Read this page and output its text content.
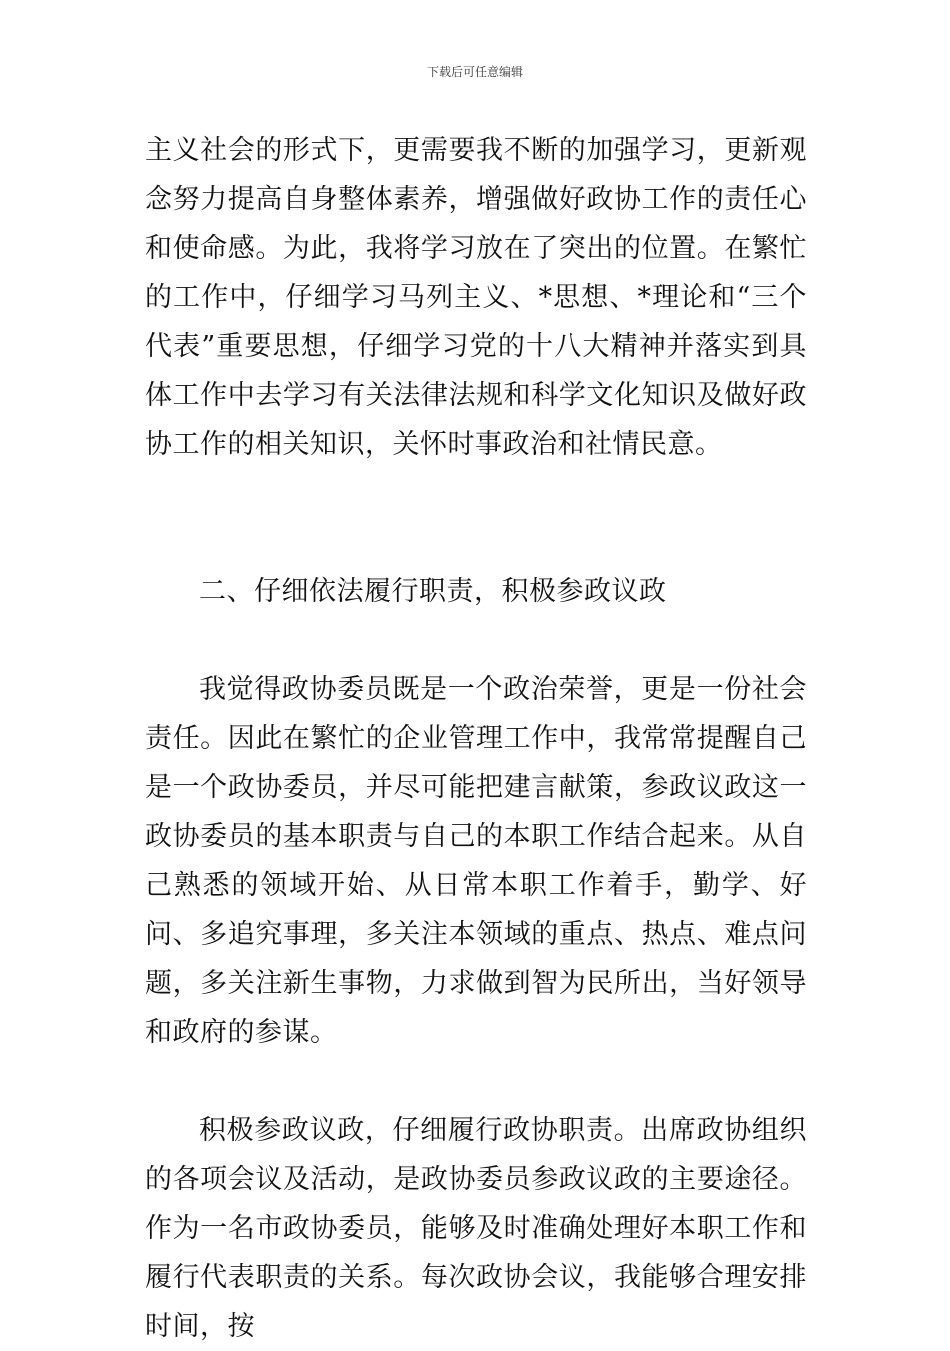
下载后可任意编辑

主义社会的形式下，更需要我不断的加强学习，更新观念努力提高自身整体素养，增强做好政协工作的责任心和使命感。为此，我将学习放在了突出的位置。在繁忙的工作中，仔细学习马列主义、*思想、*理论和“三个代表”重要思想，仔细学习党的十八大精神并落实到具体工作中去学习有关法律法规和科学文化知识及做好政协工作的相关知识，关怀时事政治和社情民意。

二、仔细依法履行职责，积极参政议政

我觉得政协委员既是一个政治荣誉，更是一份社会责任。因此在繁忙的企业管理工作中，我常常提醒自己是一个政协委员，并尽可能把建言献策，参政议政这一政协委员的基本职责与自己的本职工作结合起来。从自己熟悉的领域开始、从日常本职工作着手，勤学、好问、多追究事理，多关注本领域的重点、热点、难点问题，多关注新生事物，力求做到智为民所出，当好领导和政府的参谋。

积极参政议政，仔细履行政协职责。出席政协组织的各项会议及活动，是政协委员参政议政的主要途径。作为一名市政协委员，能够及时准确处理好本职工作和履行代表职责的关系。每次政协会议，我能够合理安排时间，按
